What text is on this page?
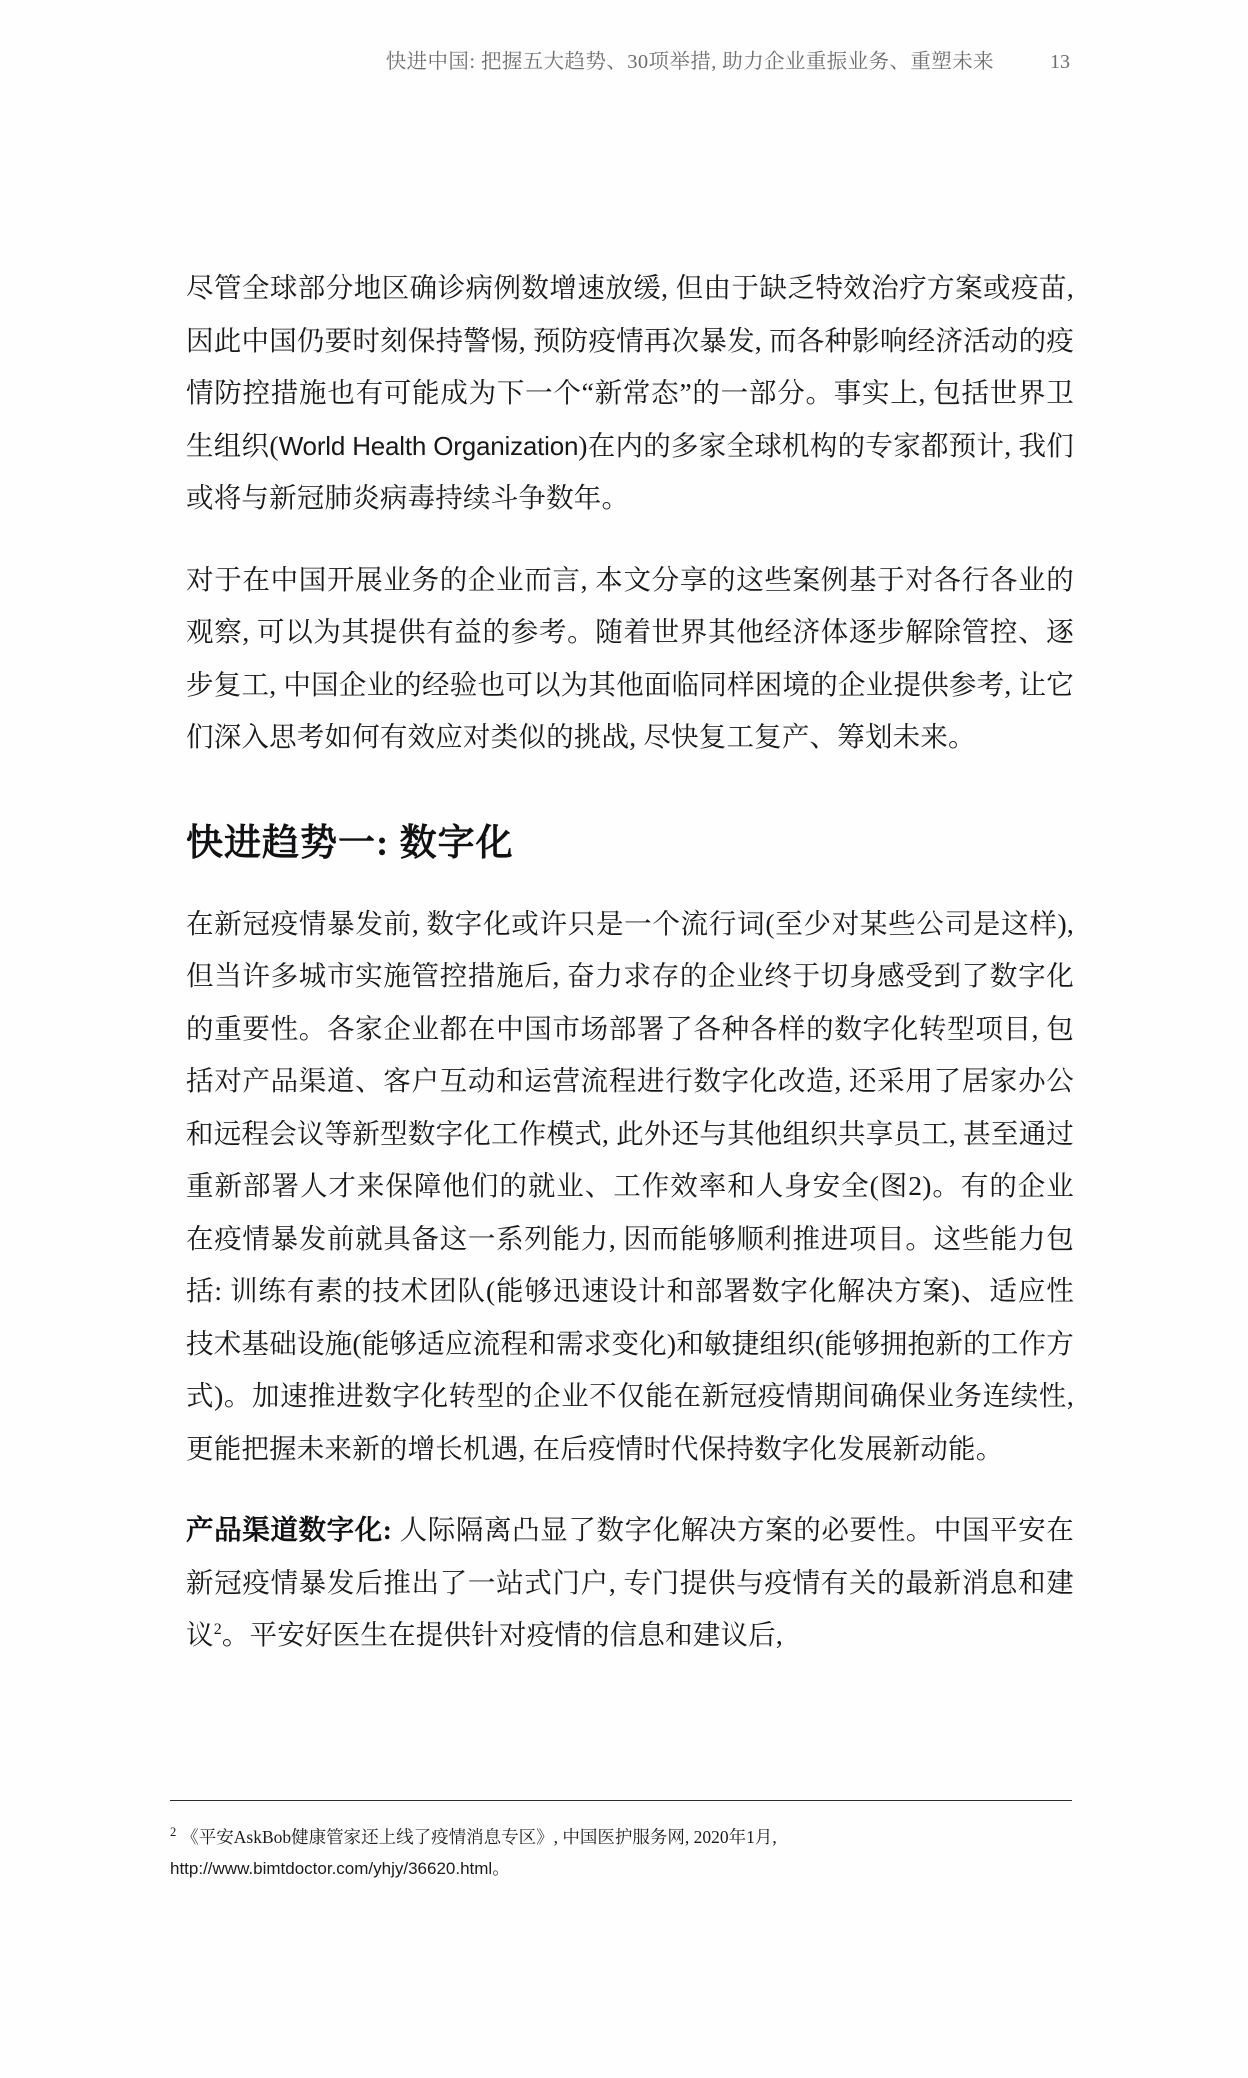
快进中国: 把握五大趋势、30项举措, 助力企业重振业务、重塑未来	13

尽管全球部分地区确诊病例数增速放缓, 但由于缺乏特效治疗方案或疫苗, 因此中国仍要时刻保持警惕, 预防疫情再次暴发, 而各种影响经济活动的疫情防控措施也有可能成为下一个“新常态”的一部分。事实上, 包括世界卫生组织(World Health Organization)在内的多家全球机构的专家都预计, 我们或将与新冠肺炎病毒持续斗争数年。

对于在中国开展业务的企业而言, 本文分享的这些案例基于对各行各业的观察, 可以为其提供有益的参考。随着世界其他经济体逐步解除管控、逐步复工, 中国企业的经验也可以为其他面临同样困境的企业提供参考, 让它们深入思考如何有效应对类似的挑战, 尽快复工复产、筹划未来。

快进趋势一: 数字化

在新冠疫情暴发前, 数字化或许只是一个流行词(至少对某些公司是这样), 但当许多城市实施管控措施后, 奋力求存的企业终于切身感受到了数字化的重要性。各家企业都在中国市场部署了各种各样的数字化转型项目, 包括对产品渠道、客户互动和运营流程进行数字化改造, 还采用了居家办公和远程会议等新型数字化工作模式, 此外还与其他组织共享员工, 甚至通过重新部署人才来保障他们的就业、工作效率和人身安全(图2)。有的企业在疫情暴发前就具备这一系列能力, 因而能够顺利推进项目。这些能力包括: 训练有素的技术团队(能够迅速设计和部署数字化解决方案)、适应性技术基础设施(能够适应流程和需求变化)和敏捷组织(能够拥抱新的工作方式)。加速推进数字化转型的企业不仅能在新冠疫情期间确保业务连续性, 更能把握未来新的增长机遇, 在后疫情时代保持数字化发展新动能。

产品渠道数字化: 人际隔离凸显了数字化解决方案的必要性。中国平安在新冠疫情暴发后推出了一站式门户, 专门提供与疫情有关的最新消息和建议$^2$。平安好医生在提供针对疫情的信息和建议后,

$^2$ 《平安AskBob健康管家还上线了疫情消息专区》, 中国医护服务网, 2020年1月, http://www.bimtdoctor.com/yhjy/36620.html。
